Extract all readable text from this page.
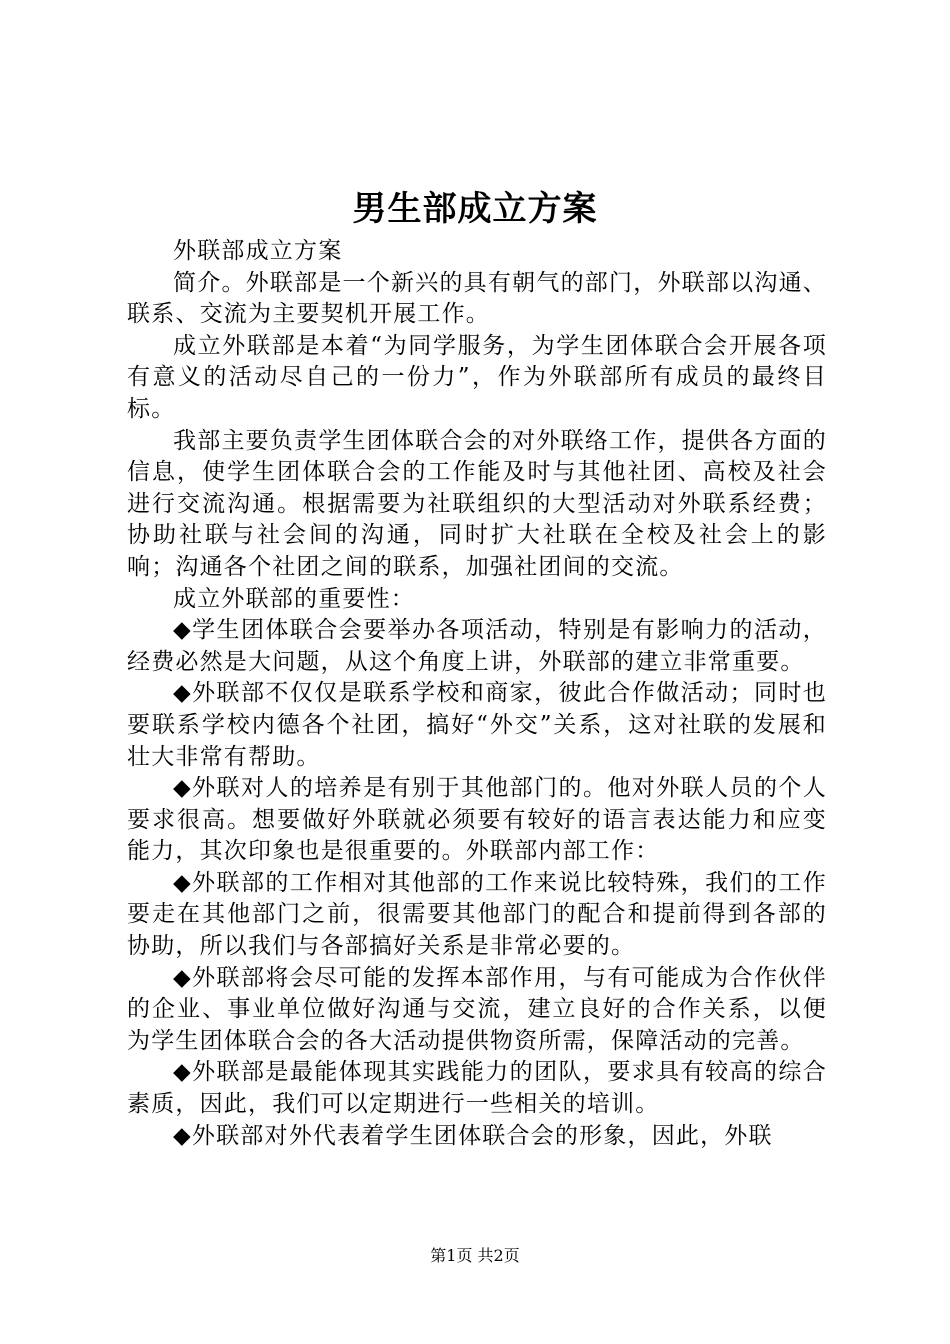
男生部成立方案

外联部成立方案

简介。外联部是一个新兴的具有朝气的部门，外联部以沟通、联系、交流为主要契机开展工作。

成立外联部是本着“为同学服务，为学生团体联合会开展各项有意义的活动尽自己的一份力”，作为外联部所有成员的最终目标。

我部主要负责学生团体联合会的对外联络工作，提供各方面的信息，使学生团体联合会的工作能及时与其他社团、高校及社会进行交流沟通。根据需要为社联组织的大型活动对外联系经费；协助社联与社会间的沟通，同时扩大社联在全校及社会上的影响；沟通各个社团之间的联系，加强社团间的交流。

成立外联部的重要性：

◆学生团体联合会要举办各项活动，特别是有影响力的活动，经费必然是大问题，从这个角度上讲，外联部的建立非常重要。

◆外联部不仅仅是联系学校和商家，彼此合作做活动；同时也要联系学校内德各个社团，搞好“外交”关系，这对社联的发展和壮大非常有帮助。

◆外联对人的培养是有别于其他部门的。他对外联人员的个人要求很高。想要做好外联就必须要有较好的语言表达能力和应变能力，其次印象也是很重要的。外联部内部工作：

◆外联部的工作相对其他部的工作来说比较特殊，我们的工作要走在其他部门之前，很需要其他部门的配合和提前得到各部的协助，所以我们与各部搞好关系是非常必要的。

◆外联部将会尽可能的发挥本部作用，与有可能成为合作伙伴的企业、事业单位做好沟通与交流，建立良好的合作关系，以便为学生团体联合会的各大活动提供物资所需，保障活动的完善。

◆外联部是最能体现其实践能力的团队，要求具有较高的综合素质，因此，我们可以定期进行一些相关的培训。

◆外联部对外代表着学生团体联合会的形象，因此，外联

第1页 共2页
